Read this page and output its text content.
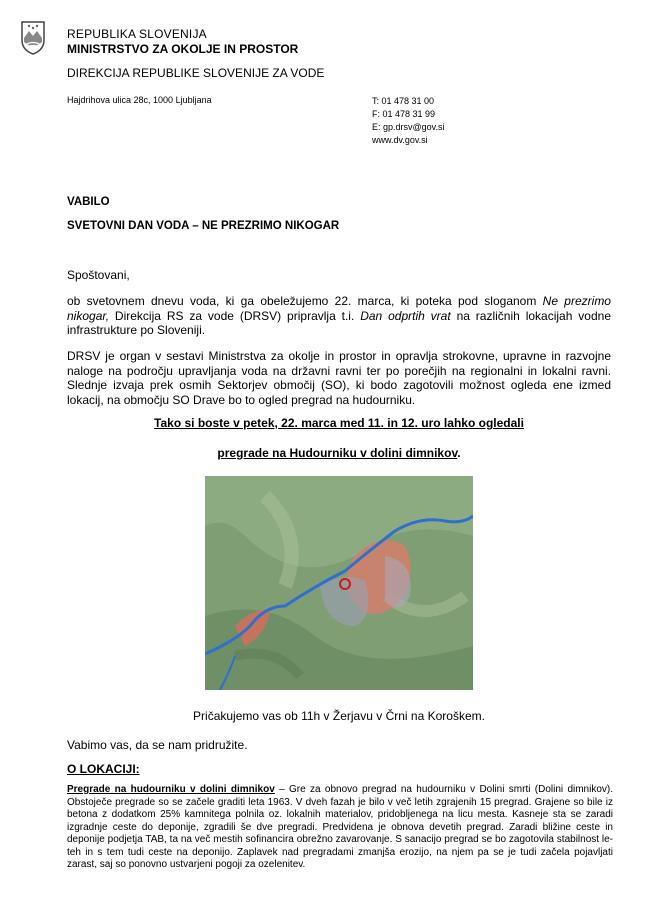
REPUBLIKA SLOVENIJA
MINISTRSTVO ZA OKOLJE IN PROSTOR
DIREKCIJA REPUBLIKE SLOVENIJE ZA VODE
Hajdrihova ulica 28c, 1000 Ljubljana	T: 01 478 31 00
F: 01 478 31 99
E: gp.drsv@gov.si
www.dv.gov.si
VABILO
SVETOVNI DAN VODA – NE PREZRIMO NIKOGAR
Spoštovani,
ob svetovnem dnevu voda, ki ga obeležujemo 22. marca, ki poteka pod sloganom Ne prezrimo nikogar, Direkcija RS za vode (DRSV) pripravlja t.i. Dan odprtih vrat na različnih lokacijah vodne infrastrukture po Sloveniji.
DRSV je organ v sestavi Ministrstva za okolje in prostor in opravlja strokovne, upravne in razvojne naloge na področju upravljanja voda na državni ravni ter po porečjih na regionalni in lokalni ravni. Slednje izvaja prek osmih Sektorjev območij (SO), ki bodo zagotovili možnost ogleda ene izmed lokacij, na območju SO Drave bo to ogled pregrad na hudourniku.
Tako si boste v petek, 22. marca med 11. in 12. uro lahko ogledali
pregrade na Hudourniku v dolini dimnikov.
Pričakujemo vas ob 11h v Žerjavu v Črni na Koroškem.
Vabimo vas, da se nam pridružite.
O LOKACIJI:
Pregrade na hudourniku v dolini dimnikov – Gre za obnovo pregrad na hudourniku v Dolini smrti (Dolini dimnikov). Obstoječe pregrade so se začele graditi leta 1963. V dveh fazah je bilo v več letih zgrajenih 15 pregrad. Grajene so bile iz betona z dodatkom 25% kamnitega polnila oz. lokalnih materialov, pridobljenega na licu mesta. Kasneje sta se zaradi izgradnje ceste do deponije, zgradili še dve pregradi. Predvidena je obnova devetih pregrad. Zaradi bližine ceste in deponije podjetja TAB, ta na več mestih sofinancira obrežno zavarovanje. S sanacijo pregrad se bo zagotovila stabilnost le-teh in s tem tudi ceste na deponijo. Zaplavek nad pregradami zmanjša erozijo, na njem pa se je tudi začela pojavljati zarast, saj so ponovno ustvarjeni pogoji za ozelenitev.
